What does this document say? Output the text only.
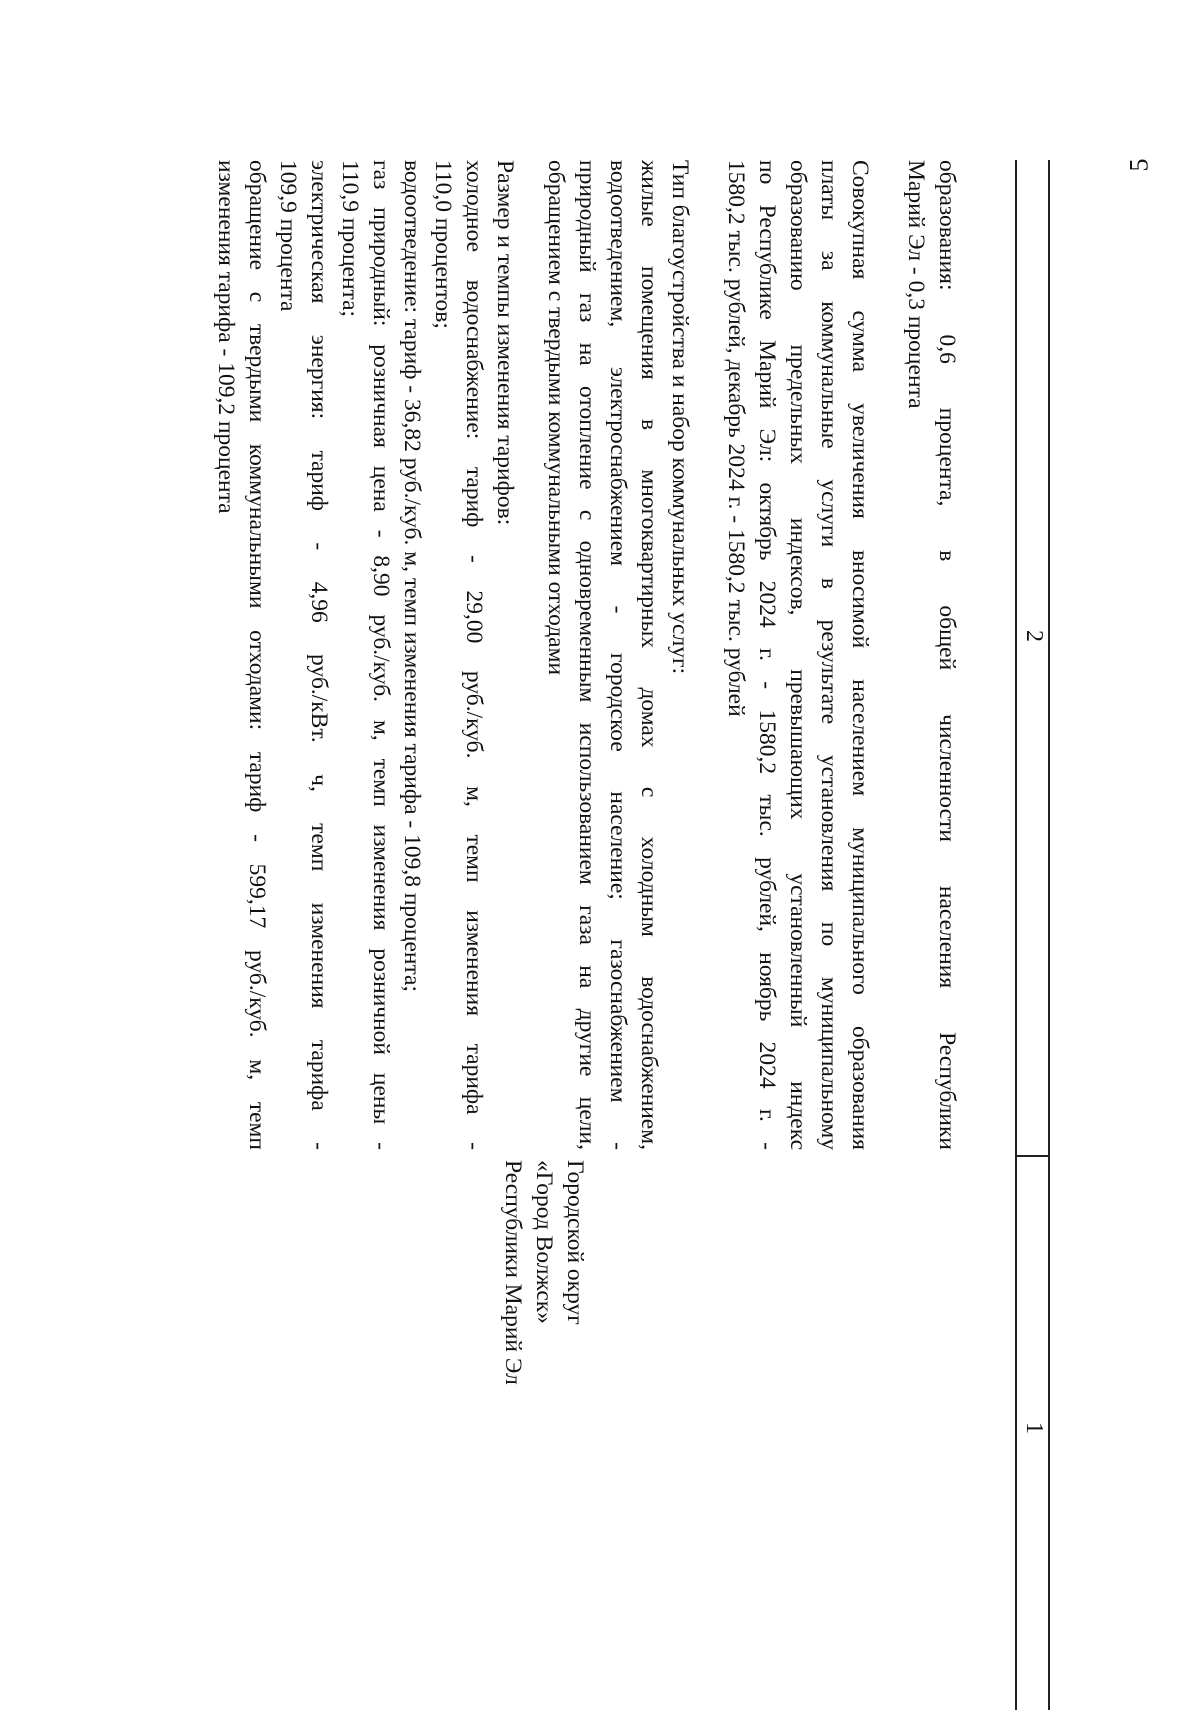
5
2
1
образования: 0,6 процента, в общей численности населения Республики
Марий Эл - 0,3 процента
Совокупная сумма увеличения вносимой населением муниципального образования
платы за коммунальные услуги в результате установления по муниципальному
образованию предельных индексов, превышающих установленный индекс
по Республике Марий Эл: октябрь 2024 г. - 1580,2 тыс. рублей, ноябрь 2024 г. -
1580,2 тыс. рублей, декабрь 2024 г. - 1580,2 тыс. рублей
Городской округ
«Город Волжск»
Республики Марий Эл
Тип благоустройства и набор коммунальных услуг:
жилые помещения в многоквартирных домах с холодным водоснабжением,
водоотведением, электроснабжением - городское население; газоснабжением -
природный газ на отопление с одновременным использованием газа на другие цели,
обращением с твердыми коммунальными отходами
Размер и темпы изменения тарифов:
холодное водоснабжение: тариф - 29,00 руб./куб. м, темп изменения тарифа -
110,0 процентов;
водоотведение: тариф - 36,82 руб./куб. м, темп изменения тарифа - 109,8 процента;
газ природный: розничная цена - 8,90 руб./куб. м, темп изменения розничной цены -
110,9 процента;
электрическая энергия: тариф - 4,96 руб./кВт. ч, темп изменения тарифа -
109,9 процента
обращение с твердыми коммунальными отходами: тариф - 599,17 руб./куб. м, темп
изменения тарифа - 109,2 процента
